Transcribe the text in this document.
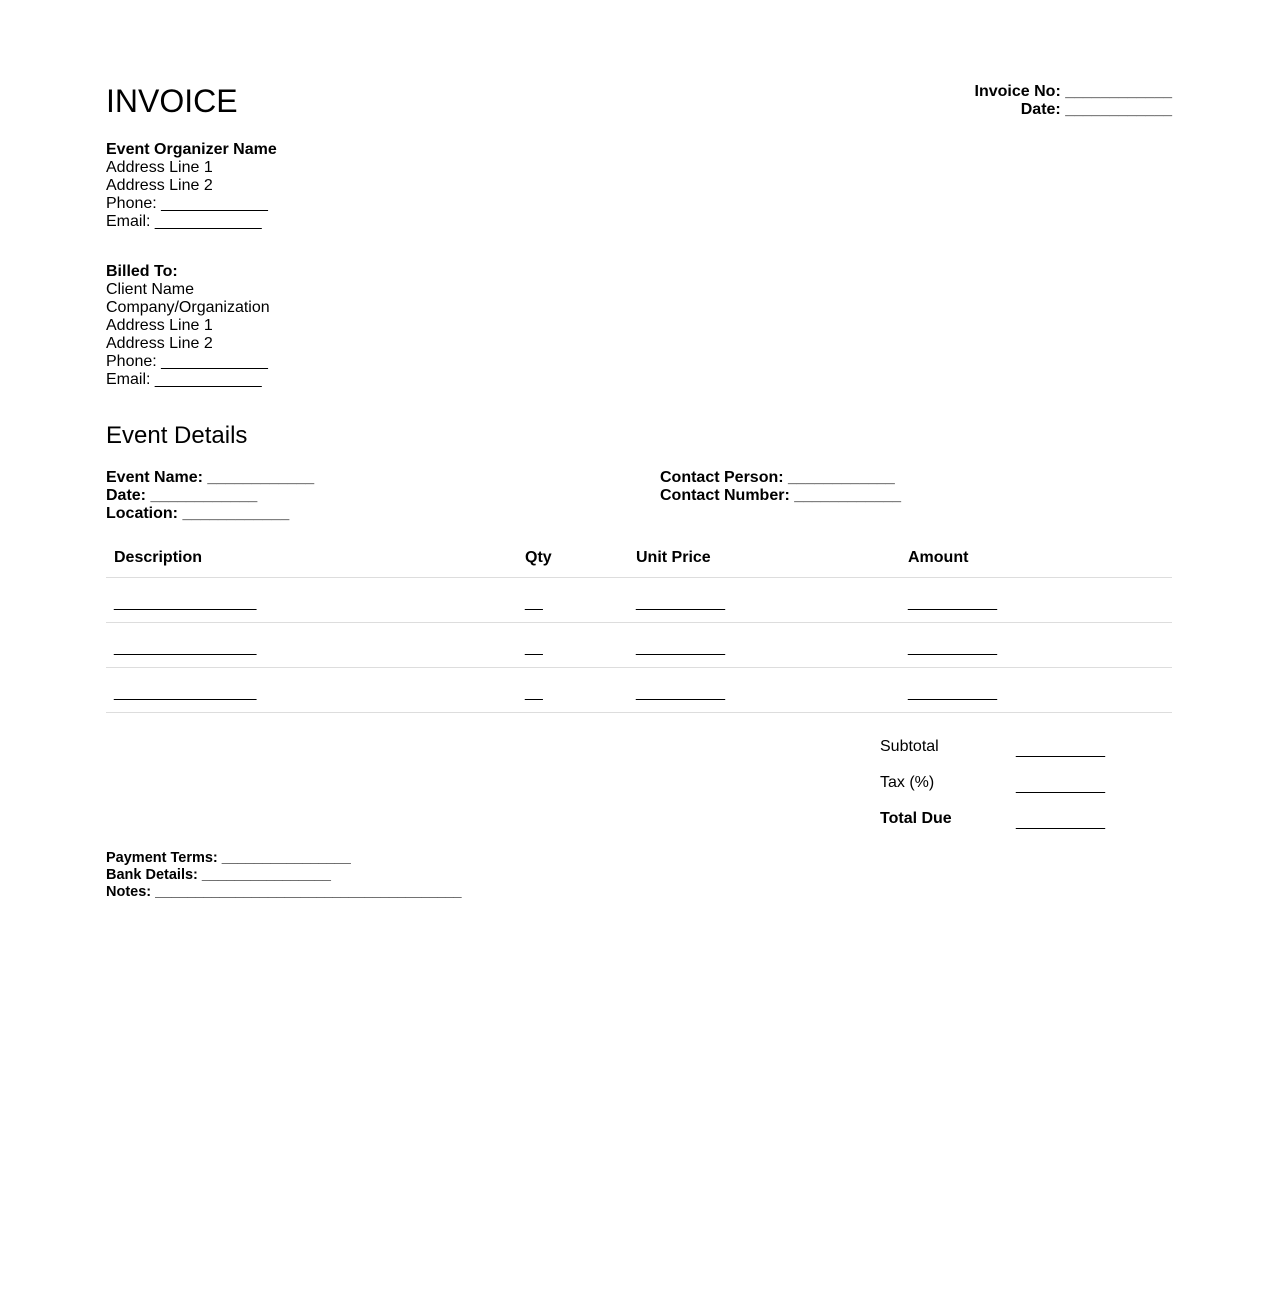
INVOICE	Invoice No: ____________
Date: ____________
Event Organizer Name
Address Line 1
Address Line 2
Phone: ____________
Email: ____________
Billed To:
Client Name
Company/Organization
Address Line 1
Address Line 2
Phone: ____________
Email: ____________
Event Details
Event Name: ____________
Date: ____________
Location: ____________
Contact Person: ____________
Contact Number: ____________
Description	Qty	Unit Price	Amount
________________	__	__________	__________
________________	__	__________	__________
________________	__	__________	__________
Subtotal	__________
Tax (%)	__________
Total Due	__________
Payment Terms: ________________
Bank Details: ________________
Notes: ______________________________________
